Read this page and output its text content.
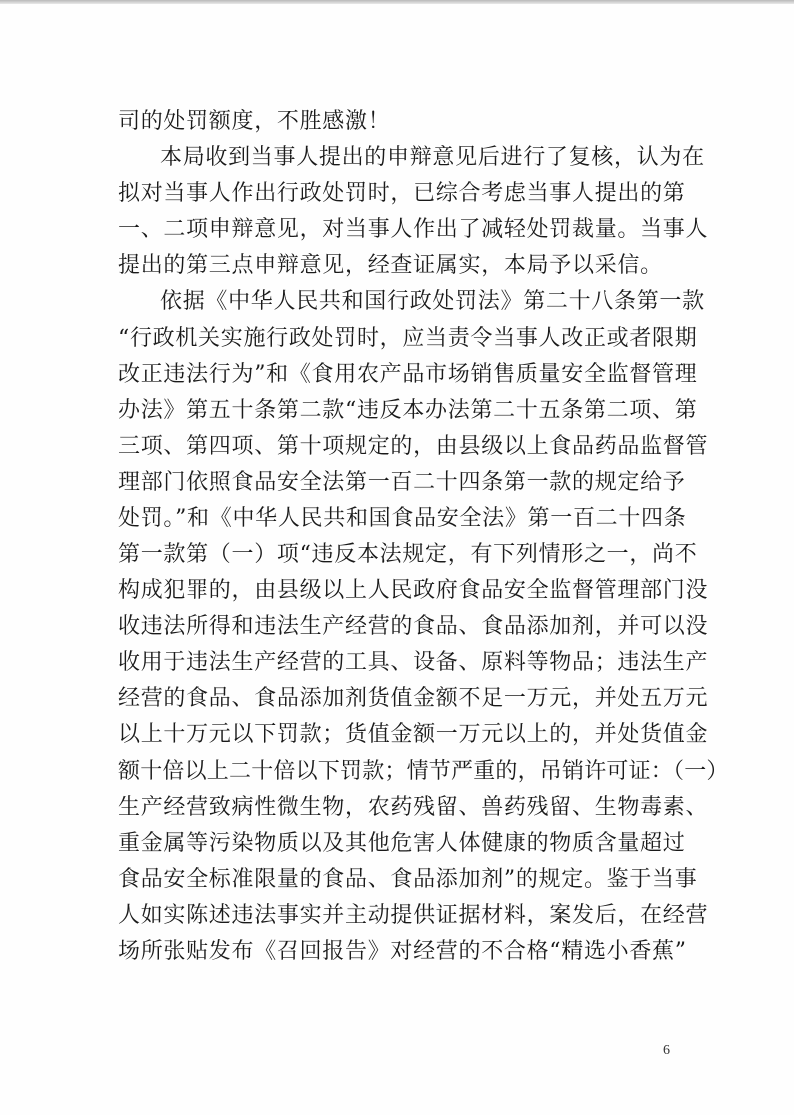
司的处罚额度，不胜感激！
本局收到当事人提出的申辩意见后进行了复核，认为在
拟对当事人作出行政处罚时，已综合考虑当事人提出的第
一、二项申辩意见，对当事人作出了减轻处罚裁量。当事人
提出的第三点申辩意见，经查证属实，本局予以采信。
依据《中华人民共和国行政处罚法》第二十八条第一款
“行政机关实施行政处罚时，应当责令当事人改正或者限期
改正违法行为”和《食用农产品市场销售质量安全监督管理
办法》第五十条第二款“违反本办法第二十五条第二项、第
三项、第四项、第十项规定的，由县级以上食品药品监督管
理部门依照食品安全法第一百二十四条第一款的规定给予
处罚。”和《中华人民共和国食品安全法》第一百二十四条
第一款第（一）项“违反本法规定，有下列情形之一，尚不
构成犯罪的，由县级以上人民政府食品安全监督管理部门没
收违法所得和违法生产经营的食品、食品添加剂，并可以没
收用于违法生产经营的工具、设备、原料等物品；违法生产
经营的食品、食品添加剂货值金额不足一万元，并处五万元
以上十万元以下罚款；货值金额一万元以上的，并处货值金
额十倍以上二十倍以下罚款；情节严重的，吊销许可证：（一）
生产经营致病性微生物，农药残留、兽药残留、生物毒素、
重金属等污染物质以及其他危害人体健康的物质含量超过
食品安全标准限量的食品、食品添加剂”的规定。鉴于当事
人如实陈述违法事实并主动提供证据材料，案发后，在经营
场所张贴发布《召回报告》对经营的不合格“精选小香蕉”
6
